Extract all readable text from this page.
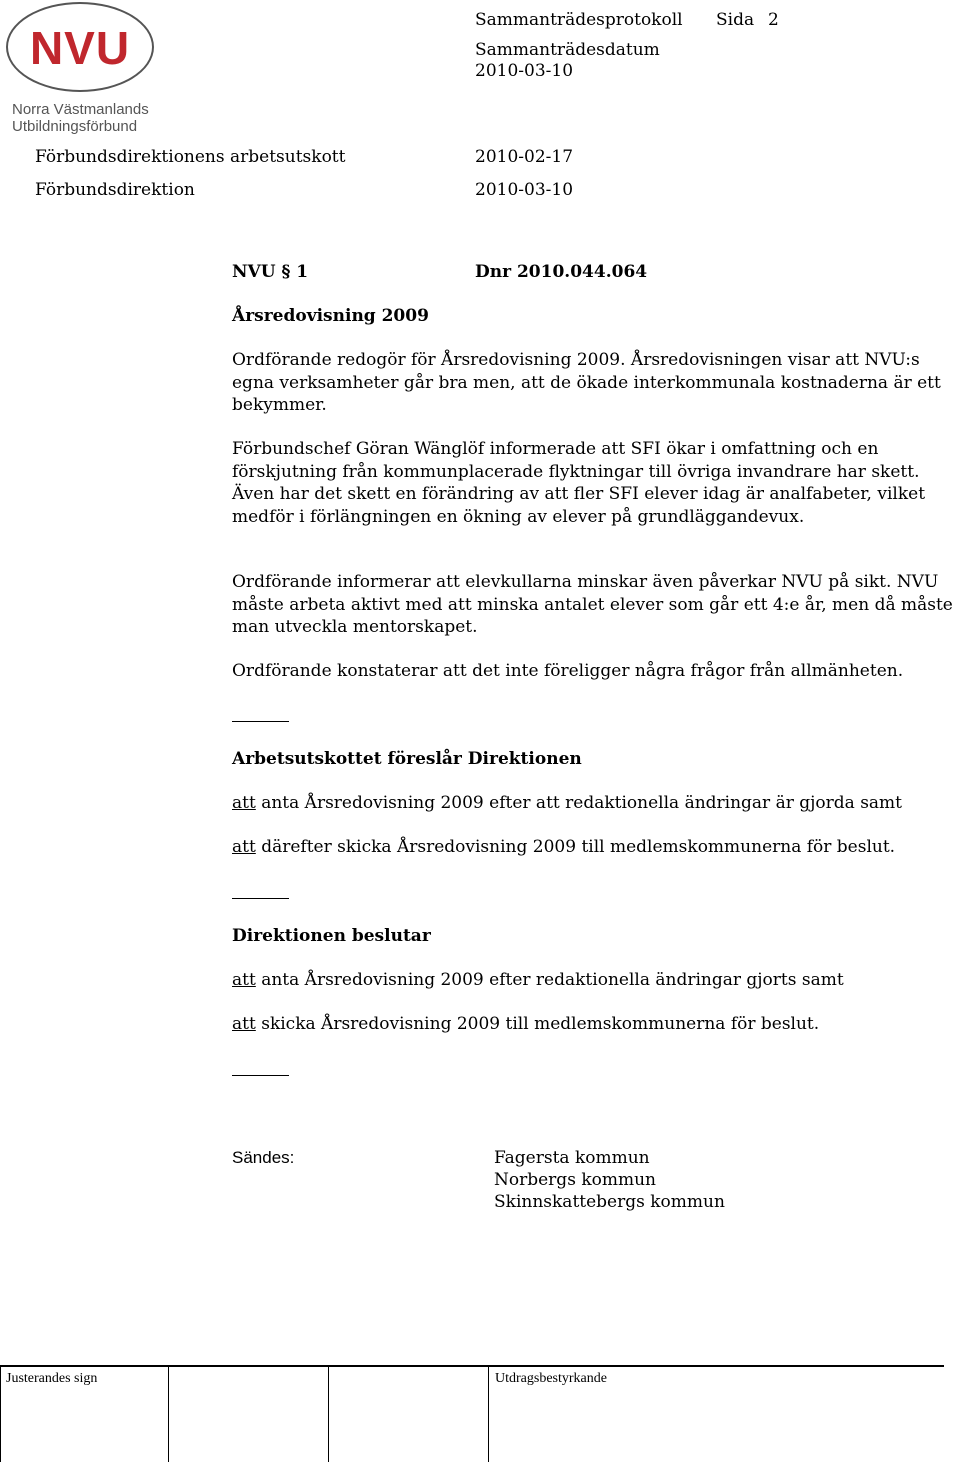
NVU
Norra Västmanlands
Utbildningsförbund
Sammanträdesprotokoll Sida 2
Sammanträdesdatum
2010-03-10
Förbundsdirektionens arbetsutskott	2010-02-17
Förbundsdirektion	2010-03-10
NVU § 1	Dnr 2010.044.064
Årsredovisning 2009

Ordförande redogör för Årsredovisning 2009. Årsredovisningen visar att NVU:s egna verksamheter går bra men, att de ökade interkommunala kostnaderna är ett bekymmer.

Förbundschef Göran Wänglöf informerade att SFI ökar i omfattning och en förskjutning från kommunplacerade flyktningar till övriga invandrare har skett. Även har det skett en förändring av att fler SFI elever idag är analfabeter, vilket medför i förlängningen en ökning av elever på grundläggandevux.

Ordförande informerar att elevkullarna minskar även påverkar NVU på sikt. NVU måste arbeta aktivt med att minska antalet elever som går ett 4:e år, men då måste man utveckla mentorskapet.

Ordförande konstaterar att det inte föreligger några frågor från allmänheten.

Arbetsutskottet föreslår Direktionen
att anta Årsredovisning 2009 efter att redaktionella ändringar är gjorda samt
att därefter skicka Årsredovisning 2009 till medlemskommunerna för beslut.
Direktionen beslutar
att anta Årsredovisning 2009 efter redaktionella ändringar gjorts samt
att skicka Årsredovisning 2009 till medlemskommunerna för beslut.
Sändes:	Fagersta kommun
Norbergs kommun
Skinnskattebergs kommun
Justerandes sign	Utdragsbestyrkande
